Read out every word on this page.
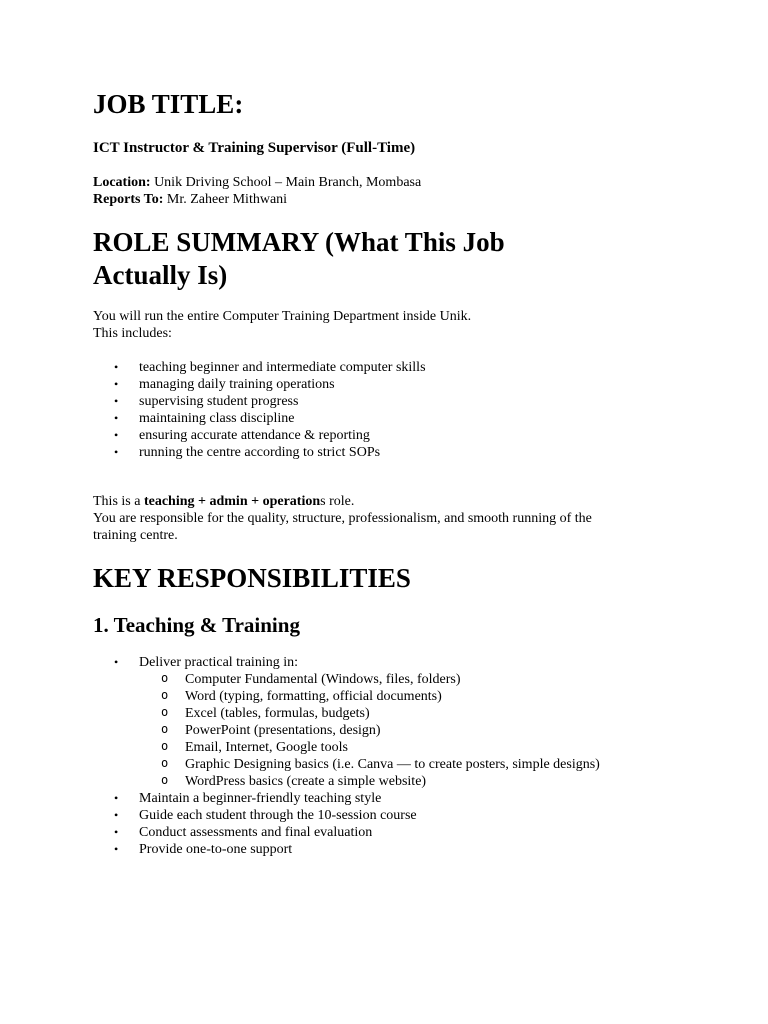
JOB TITLE:

ICT Instructor & Training Supervisor (Full-Time)

Location: Unik Driving School – Main Branch, Mombasa

Reports To: Mr. Zaheer Mithwani

ROLE SUMMARY (What This Job
Actually Is)

You will run the entire Computer Training Department inside Unik.

This includes:

• teaching beginner and intermediate computer skills
• managing daily training operations
• supervising student progress
• maintaining class discipline
• ensuring accurate attendance & reporting
• running the centre according to strict SOPs

This is a teaching + admin + operations role.

You are responsible for the quality, structure, professionalism, and smooth running of the

training centre.

KEY RESPONSIBILITIES
1. Teaching & Training
• Deliver practical training in:
o Computer Fundamental (Windows, files, folders)
o Word (typing, formatting, official documents)
o Excel (tables, formulas, budgets)
o PowerPoint (presentations, design)
o Email, Internet, Google tools
o Graphic Designing basics (i.e. Canva — to create posters, simple designs)
o WordPress basics (create a simple website)
• Maintain a beginner-friendly teaching style
• Guide each student through the 10-session course
• Conduct assessments and final evaluation
• Provide one-to-one support
